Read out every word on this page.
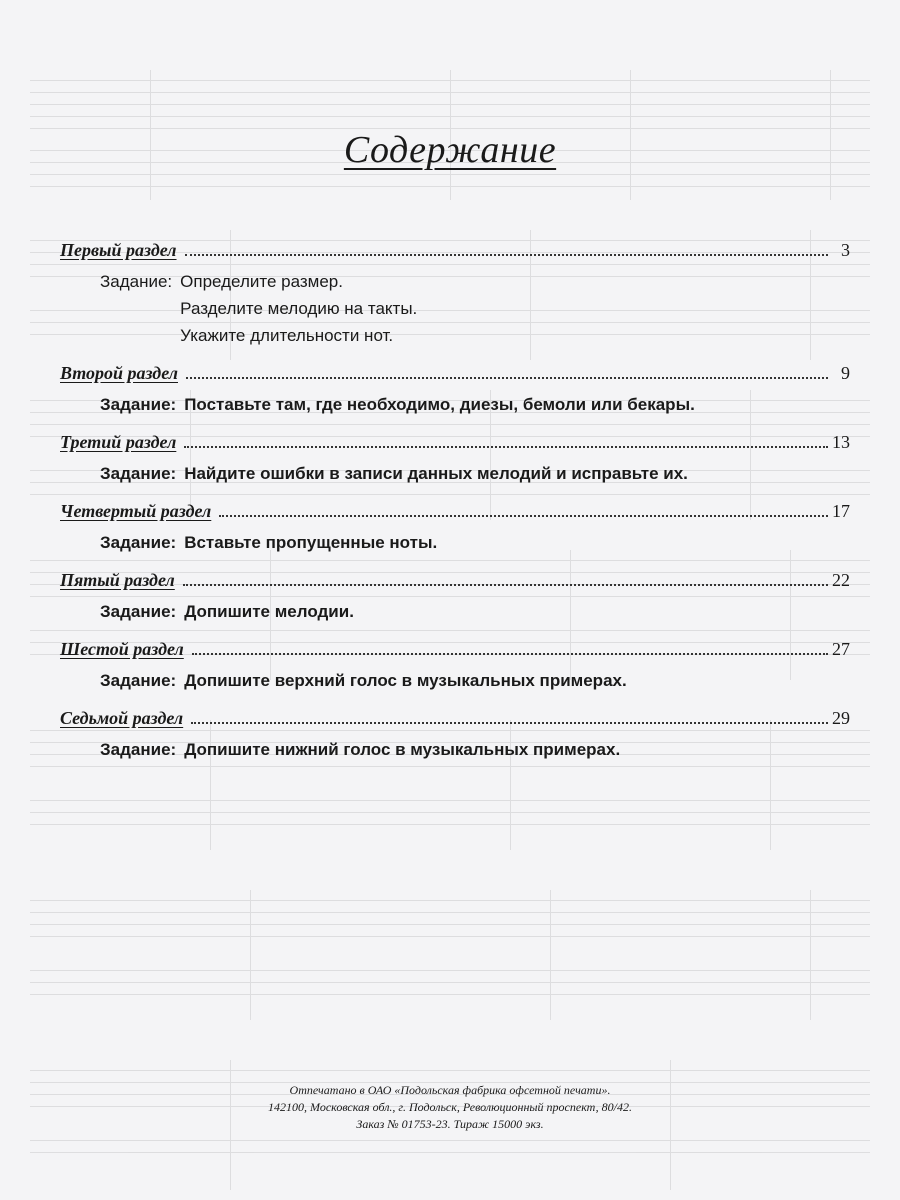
Содержание
Первый раздел	3
Задание: Определите размер.
Разделите мелодию на такты.
Укажите длительности нот.
Второй раздел	9
Задание: Поставьте там, где необходимо, диезы, бемоли или бекары.
Третий раздел	13
Задание: Найдите ошибки в записи данных мелодий и исправьте их.
Четвертый раздел	17
Задание: Вставьте пропущенные ноты.
Пятый раздел	22
Задание: Допишите мелодии.
Шестой раздел	27
Задание: Допишите верхний голос в музыкальных примерах.
Седьмой раздел	29
Задание: Допишите нижний голос в музыкальных примерах.
Отпечатано в ОАО «Подольская фабрика офсетной печати».
142100, Московская обл., г. Подольск, Революционный проспект, 80/42.
Заказ № 01753-23. Тираж 15000 экз.
